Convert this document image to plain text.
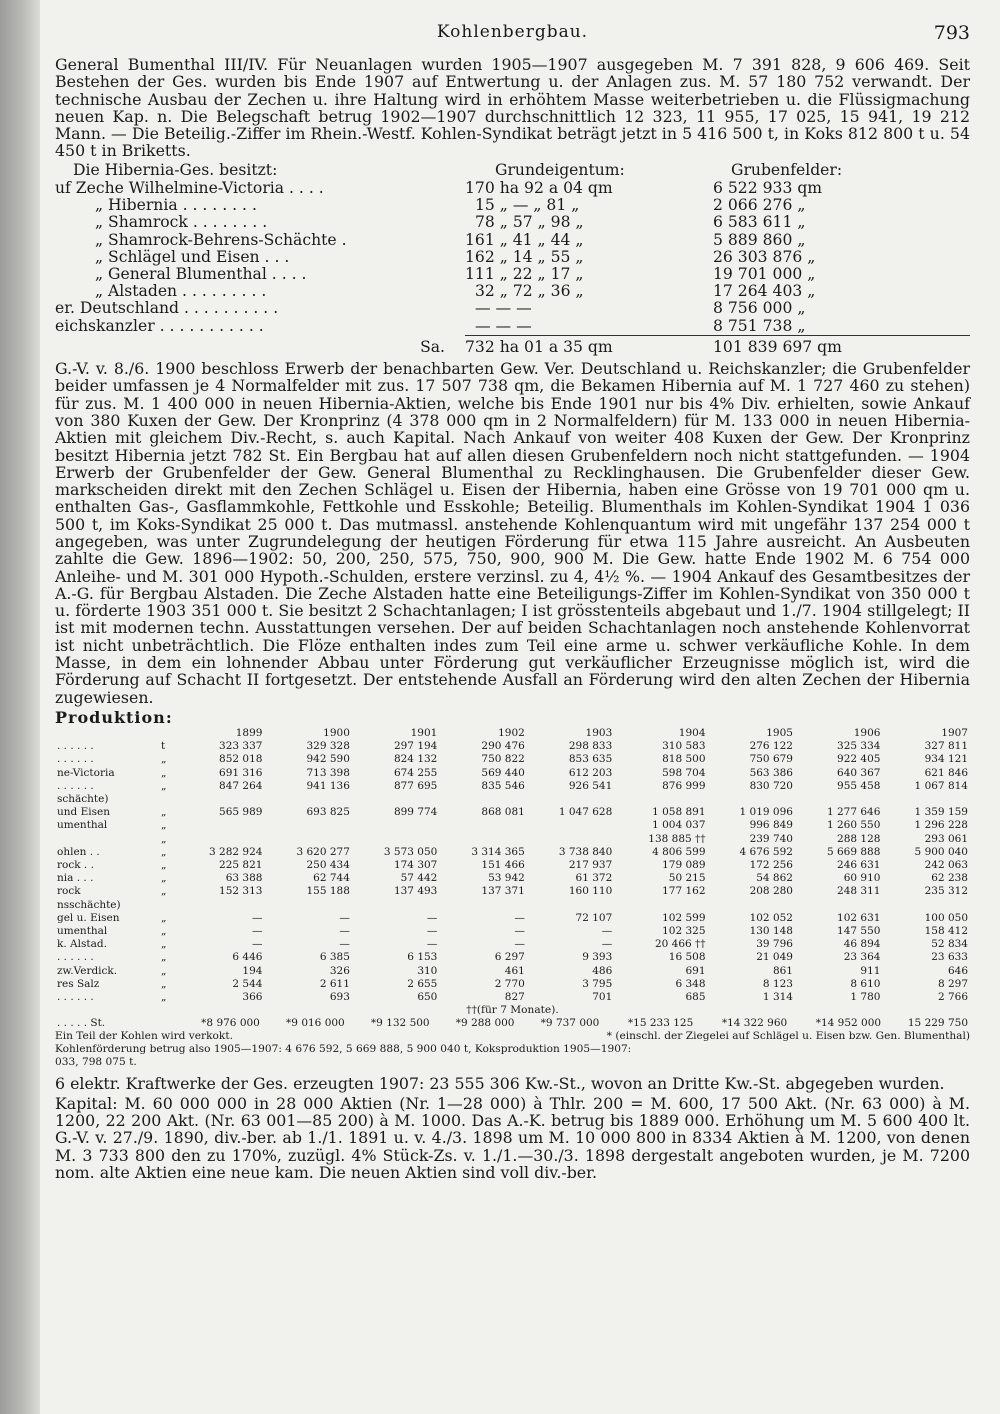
Kohlenbergbau.	793

General Bumenthal III/IV. Für Neuanlagen wurden 1905—1907 ausgegeben M. 7 391 828, 9 606 469. Seit Bestehen der Ges. wurden bis Ende 1907 auf Entwertung u. der Anlagen zus. M. 57 180 752 verwandt. Der technische Ausbau der Zechen u. ihre Haltung wird in erhöhtem Masse weiterbetrieben u. die Flüssigmachung neuen Kap. n. Die Belegschaft betrug 1902—1907 durchschnittlich 12 323, 11 955, 17 025, 15 941, 19 212 Mann. — Die Beteilig.-Ziffer im Rhein.-Westf. Kohlen-Syndikat beträgt jetzt in 5 416 500 t, in Koks 812 800 t u. 54 450 t in Briketts.

Die Hibernia-Ges. besitzt:	Grundeigentum:	Grubenfelder:
uf Zeche Wilhelmine-Victoria . . . .	170 ha 92 a 04 qm	6 522 933 qm
„ Hibernia . . . . . . . .	15 „ — „ 81 „	2 066 276 „
„ Shamrock . . . . . . . .	78 „ 57 „ 98 „	6 583 611 „
„ Shamrock-Behrens-Schächte .	161 „ 41 „ 44 „	5 889 860 „
„ Schlägel und Eisen . . .	162 „ 14 „ 55 „	26 303 876 „
„ General Blumenthal . . . .	111 „ 22 „ 17 „	19 701 000 „
„ Alstaden . . . . . . . . .	32 „ 72 „ 36 „	17 264 403 „
er. Deutschland . . . . . . . . . .	— — —	8 756 000 „
eichskanzler . . . . . . . . . . .	— — —	8 751 738 „
Sa.	732 ha 01 a 35 qm	101 839 697 qm

G.-V. v. 8./6. 1900 beschloss Erwerb der benachbarten Gew. Ver. Deutschland u. Reichskanzler; die Grubenfelder beider umfassen je 4 Normalfelder mit zus. 17 507 738 qm, die Bekamen Hibernia auf M. 1 727 460 zu stehen) für zus. M. 1 400 000 in neuen Hibernia-Aktien, welche bis Ende 1901 nur bis 4% Div. erhielten, sowie Ankauf von 380 Kuxen der Gew. Der Kronprinz (4 378 000 qm in 2 Normalfeldern) für M. 133 000 in neuen Hibernia-Aktien mit gleichem Div.-Recht, s. auch Kapital. Nach Ankauf von weiter 408 Kuxen der Gew. Der Kronprinz besitzt Hibernia jetzt 782 St. Ein Bergbau hat auf allen diesen Grubenfeldern noch nicht stattgefunden. — 1904 Erwerb der Grubenfelder der Gew. General Blumenthal zu Recklinghausen. Die Grubenfelder dieser Gew. markscheiden direkt mit den Zechen Schlägel u. Eisen der Hibernia, haben eine Grösse von 19 701 000 qm u. enthalten Gas-, Gasflammkohle, Fettkohle und Esskohle; Beteilig. Blumenthals im Kohlen-Syndikat 1904 1 036 500 t, im Koks-Syndikat 25 000 t. Das mutmassl. anstehende Kohlenquantum wird mit ungefähr 137 254 000 t angegeben, was unter Zugrundelegung der heutigen Förderung für etwa 115 Jahre ausreicht. An Ausbeuten zahlte die Gew. 1896—1902: 50, 200, 250, 575, 750, 900, 900 M. Die Gew. hatte Ende 1902 M. 6 754 000 Anleihe- und M. 301 000 Hypoth.-Schulden, erstere verzinsl. zu 4, 4½ %. — 1904 Ankauf des Gesamtbesitzes der A.-G. für Bergbau Alstaden. Die Zeche Alstaden hatte eine Beteiligungs-Ziffer im Kohlen-Syndikat von 350 000 t u. förderte 1903 351 000 t. Sie besitzt 2 Schachtanlagen; I ist grösstenteils abgebaut und 1./7. 1904 stillgelegt; II ist mit modernen techn. Ausstattungen versehen. Der auf beiden Schachtanlagen noch anstehende Kohlenvorrat ist nicht unbeträchtlich. Die Flöze enthalten indes zum Teil eine arme u. schwer verkäufliche Kohle. In dem Masse, in dem ein lohnender Abbau unter Förderung gut verkäuflicher Erzeugnisse möglich ist, wird die Förderung auf Schacht II fortgesetzt. Der entstehende Ausfall an Förderung wird den alten Zechen der Hibernia zugewiesen.

Produktion:
		1899	1900	1901	1902	1903	1904	1905	1906	1907
. . . . . .	t	323 337	329 328	297 194	290 476	298 833	310 583	276 122	325 334	327 811
. . . . . .	„	852 018	942 590	824 132	750 822	853 635	818 500	750 679	922 405	934 121
ne-Victoria	„	691 316	713 398	674 255	569 440	612 203	598 704	563 386	640 367	621 846
. . . . . .	„	847 264	941 136	877 695	835 546	926 541	876 999	830 720	955 458	1 067 814
schächte)										
und Eisen	„	565 989	693 825	899 774	868 081	1 047 628	1 058 891	1 019 096	1 277 646	1 359 159
umenthal	„						1 004 037	996 849	1 260 550	1 296 228
	„						138 885 ††	239 740	288 128	293 061
ohlen . .	„	3 282 924	3 620 277	3 573 050	3 314 365	3 738 840	4 806 599	4 676 592	5 669 888	5 900 040
rock . .	„	225 821	250 434	174 307	151 466	217 937	179 089	172 256	246 631	242 063
nia . . .	„	63 388	62 744	57 442	53 942	61 372	50 215	54 862	60 910	62 238
rock	„	152 313	155 188	137 493	137 371	160 110	177 162	208 280	248 311	235 312
nsschächte)										
gel u. Eisen	„	—	—	—	—	72 107	102 599	102 052	102 631	100 050
umenthal	„	—	—	—	—	—	102 325	130 148	147 550	158 412
k. Alstad.	„	—	—	—	—	—	20 466 ††	39 796	46 894	52 834
. . . . . .	„	6 446	6 385	6 153	6 297	9 393	16 508	21 049	23 364	23 633
zw.Verdick.	„	194	326	310	461	486	691	861	911	646
res Salz	„	2 544	2 611	2 655	2 770	3 795	6 348	8 123	8 610	8 297
. . . . . .	„	366	693	650	827	701	685	1 314	1 780	2 766
††(für 7 Monate).
. . . . . St.		*8 976 000	*9 016 000	*9 132 500	*9 288 000	*9 737 000	*15 233 125	*14 322 960	*14 952 000	15 229 750
Ein Teil der Kohlen wird verkokt.	* (einschl. der Ziegelei auf Schlägel u. Eisen bzw. Gen. Blumenthal)
Kohlenförderung betrug also 1905—1907: 4 676 592, 5 669 888, 5 900 040 t, Koksproduktion 1905—1907:
033, 798 075 t.

6 elektr. Kraftwerke der Ges. erzeugten 1907: 23 555 306 Kw.-St., wovon an Dritte Kw.-St. abgegeben wurden.

Kapital: M. 60 000 000 in 28 000 Aktien (Nr. 1—28 000) à Thlr. 200 = M. 600, 17 500 Akt. (Nr. 63 000) à M. 1200, 22 200 Akt. (Nr. 63 001—85 200) à M. 1000. Das A.-K. betrug bis 1889 000. Erhöhung um M. 5 600 400 lt. G.-V. v. 27./9. 1890, div.-ber. ab 1./1. 1891 u. v. 4./3. 1898 um M. 10 000 800 in 8334 Aktien à M. 1200, von denen M. 3 733 800 den zu 170%, zuzügl. 4% Stück-Zs. v. 1./1.—30./3. 1898 dergestalt angeboten wurden, je M. 7200 nom. alte Aktien eine neue kam. Die neuen Aktien sind voll div.-ber.
